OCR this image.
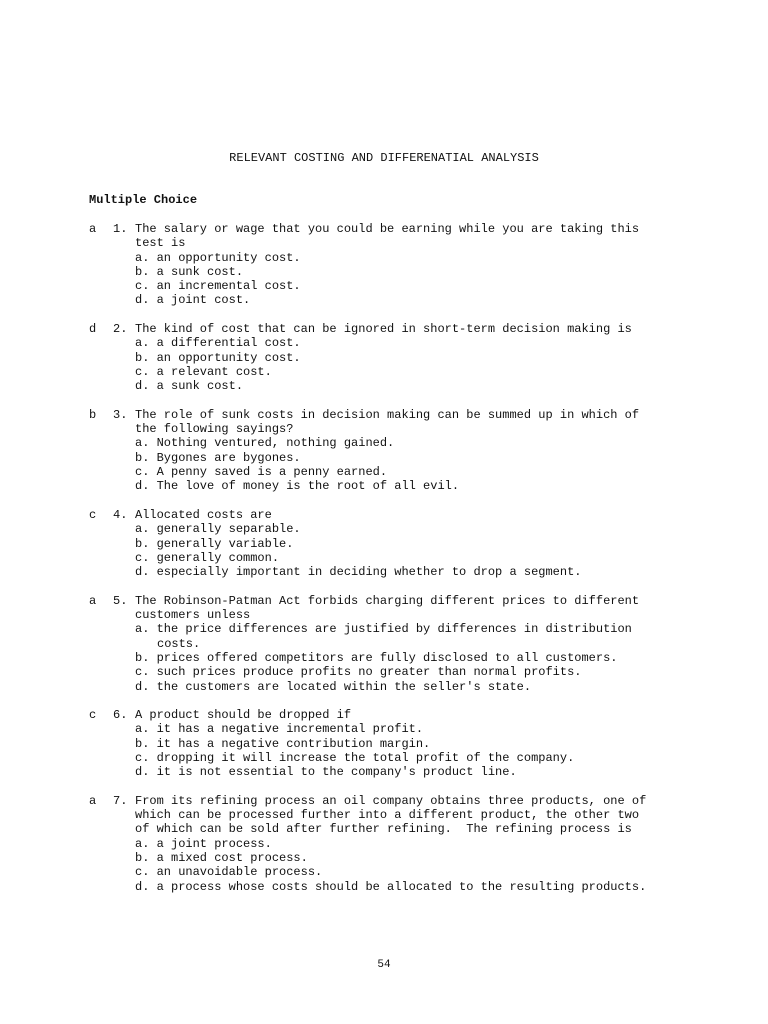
RELEVANT COSTING AND DIFFERENATIAL ANALYSIS
Multiple Choice
a	1. The salary or wage that you could be earning while you are taking this
test is
a. an opportunity cost.
b. a sunk cost.
c. an incremental cost.
d. a joint cost.
d	2. The kind of cost that can be ignored in short-term decision making is
a. a differential cost.
b. an opportunity cost.
c. a relevant cost.
d. a sunk cost.
b	3. The role of sunk costs in decision making can be summed up in which of
the following sayings?
a. Nothing ventured, nothing gained.
b. Bygones are bygones.
c. A penny saved is a penny earned.
d. The love of money is the root of all evil.
c	4. Allocated costs are
a. generally separable.
b. generally variable.
c. generally common.
d. especially important in deciding whether to drop a segment.
a	5. The Robinson-Patman Act forbids charging different prices to different
customers unless
a. the price differences are justified by differences in distribution
costs.
b. prices offered competitors are fully disclosed to all customers.
c. such prices produce profits no greater than normal profits.
d. the customers are located within the seller's state.
c	6. A product should be dropped if
a. it has a negative incremental profit.
b. it has a negative contribution margin.
c. dropping it will increase the total profit of the company.
d. it is not essential to the company's product line.
a	7. From its refining process an oil company obtains three products, one of
which can be processed further into a different product, the other two
of which can be sold after further refining.  The refining process is
a. a joint process.
b. a mixed cost process.
c. an unavoidable process.
d. a process whose costs should be allocated to the resulting products.
54
